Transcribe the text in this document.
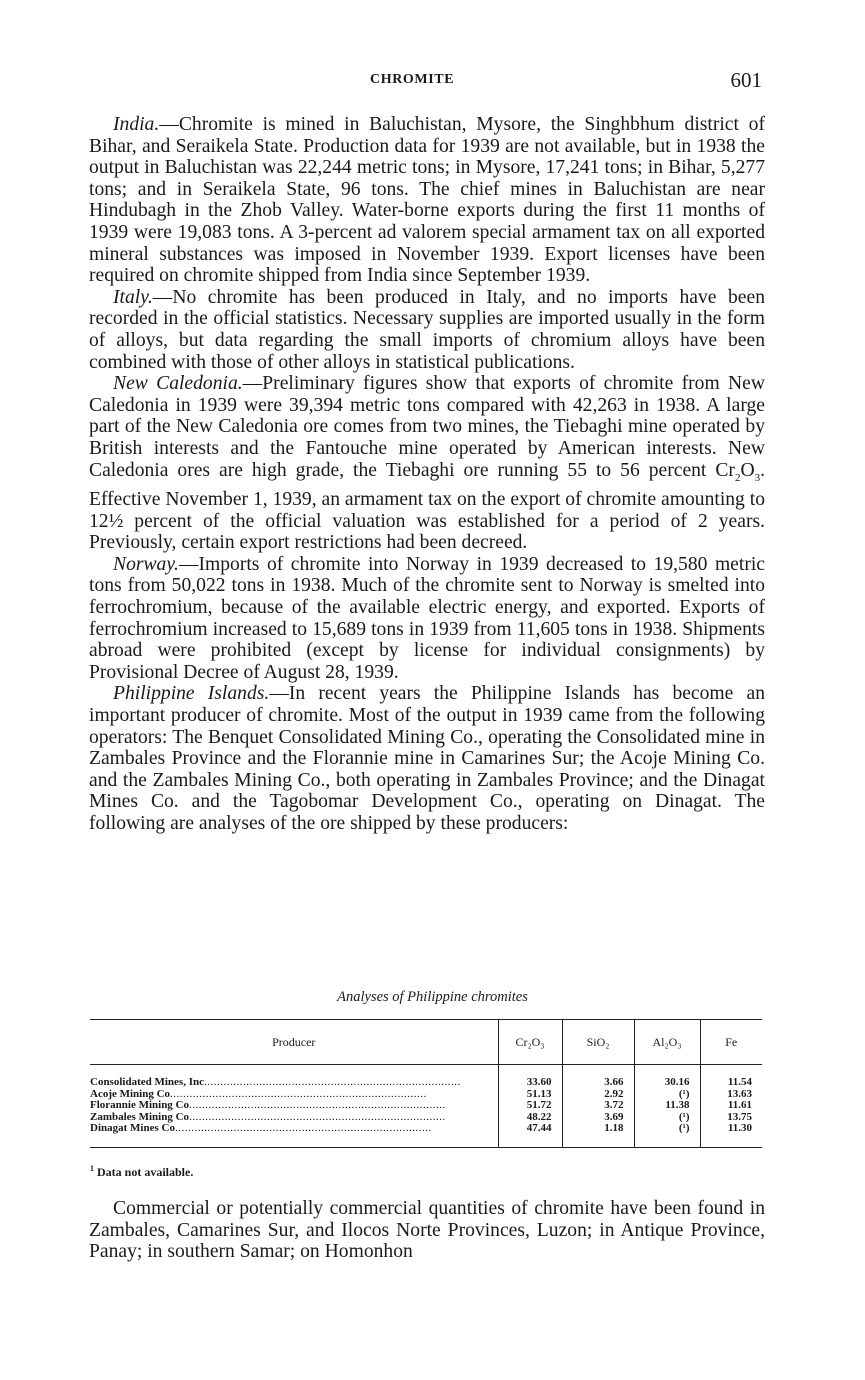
CHROMITE	601

India.—Chromite is mined in Baluchistan, Mysore, the Singhbhum district of Bihar, and Seraikela State. Production data for 1939 are not available, but in 1938 the output in Baluchistan was 22,244 metric tons; in Mysore, 17,241 tons; in Bihar, 5,277 tons; and in Seraikela State, 96 tons. The chief mines in Baluchistan are near Hindubagh in the Zhob Valley. Water-borne exports during the first 11 months of 1939 were 19,083 tons. A 3-percent ad valorem special armament tax on all exported mineral substances was imposed in November 1939. Export licenses have been required on chromite shipped from India since September 1939.

Italy.—No chromite has been produced in Italy, and no imports have been recorded in the official statistics. Necessary supplies are imported usually in the form of alloys, but data regarding the small imports of chromium alloys have been combined with those of other alloys in statistical publications.

New Caledonia.—Preliminary figures show that exports of chromite from New Caledonia in 1939 were 39,394 metric tons compared with 42,263 in 1938. A large part of the New Caledonia ore comes from two mines, the Tiebaghi mine operated by British interests and the Fantouche mine operated by American interests. New Caledonia ores are high grade, the Tiebaghi ore running 55 to 56 percent $Cr_2O_3$. Effective November 1, 1939, an armament tax on the export of chromite amounting to 12½ percent of the official valuation was established for a period of 2 years. Previously, certain export restrictions had been decreed.

Norway.—Imports of chromite into Norway in 1939 decreased to 19,580 metric tons from 50,022 tons in 1938. Much of the chromite sent to Norway is smelted into ferrochromium, because of the available electric energy, and exported. Exports of ferrochromium increased to 15,689 tons in 1939 from 11,605 tons in 1938. Shipments abroad were prohibited (except by license for individual consignments) by Provisional Decree of August 28, 1939.

Philippine Islands.—In recent years the Philippine Islands has become an important producer of chromite. Most of the output in 1939 came from the following operators: The Benquet Consolidated Mining Co., operating the Consolidated mine in Zambales Province and the Florannie mine in Camarines Sur; the Acoje Mining Co. and the Zambales Mining Co., both operating in Zambales Province; and the Dinagat Mines Co. and the Tagobomar Development Co., operating on Dinagat. The following are analyses of the ore shipped by these producers:

Analyses of Philippine chromites
Producer	Cr₂O₃	SiO₂	Al₂O₃	Fe
Consolidated Mines, Inc...............................................................................	33.60	3.66	30.16	11.54
Acoje Mining Co...............................................................................	51.13	2.92	(¹)	13.63
Florannie Mining Co...............................................................................	51.72	3.72	11.38	11.61
Zambales Mining Co...............................................................................	48.22	3.69	(¹)	13.75
Dinagat Mines Co...............................................................................	47.44	1.18	(¹)	11.30
$^1$ Data not available.

Commercial or potentially commercial quantities of chromite have been found in Zambales, Camarines Sur, and Ilocos Norte Provinces, Luzon; in Antique Province, Panay; in southern Samar; on Homonhon
